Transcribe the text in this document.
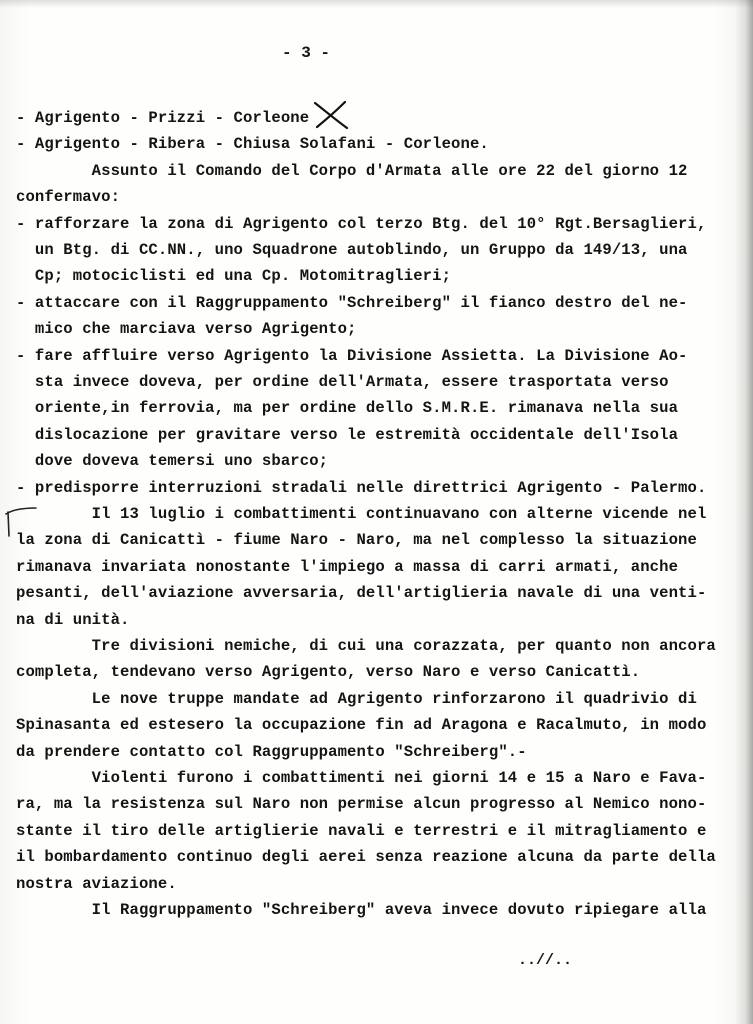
- 3 -
- Agrigento - Prizzi - Corleone
- Agrigento - Ribera - Chiusa Solafani - Corleone.
Assunto il Comando del Corpo d'Armata alle ore 22 del giorno 12
confermavo:
- rafforzare la zona di Agrigento col terzo Btg. del 10° Rgt.Bersaglieri,
un Btg. di CC.NN., uno Squadrone autoblindo, un Gruppo da 149/13, una
Cp; motociclisti ed una Cp. Motomitraglieri;
- attaccare con il Raggruppamento "Schreiberg" il fianco destro del ne-
mico che marciava verso Agrigento;
- fare affluire verso Agrigento la Divisione Assietta. La Divisione Ao-
sta invece doveva, per ordine dell'Armata, essere trasportata verso
oriente,in ferrovia, ma per ordine dello S.M.R.E. rimanava nella sua
dislocazione per gravitare verso le estremità occidentale dell'Isola
dove doveva temersi uno sbarco;
- predisporre interruzioni stradali nelle direttrici Agrigento - Palermo.
Il 13 luglio i combattimenti continuavano con alterne vicende nel
la zona di Canicattì - fiume Naro - Naro, ma nel complesso la situazione
rimanava invariata nonostante l'impiego a massa di carri armati, anche
pesanti, dell'aviazione avversaria, dell'artiglieria navale di una venti-
na di unità.
Tre divisioni nemiche, di cui una corazzata, per quanto non ancora
completa, tendevano verso Agrigento, verso Naro e verso Canicattì.
Le nove truppe mandate ad Agrigento rinforzarono il quadrivio di
Spinasanta ed estesero la occupazione fin ad Aragona e Racalmuto, in modo
da prendere contatto col Raggruppamento "Schreiberg".-
Violenti furono i combattimenti nei giorni 14 e 15 a Naro e Fava-
ra, ma la resistenza sul Naro non permise alcun progresso al Nemico nono-
stante il tiro delle artiglierie navali e terrestri e il mitragliamento e
il bombardamento continuo degli aerei senza reazione alcuna da parte della
nostra aviazione.
Il Raggruppamento "Schreiberg" aveva invece dovuto ripiegare alla
..//..
